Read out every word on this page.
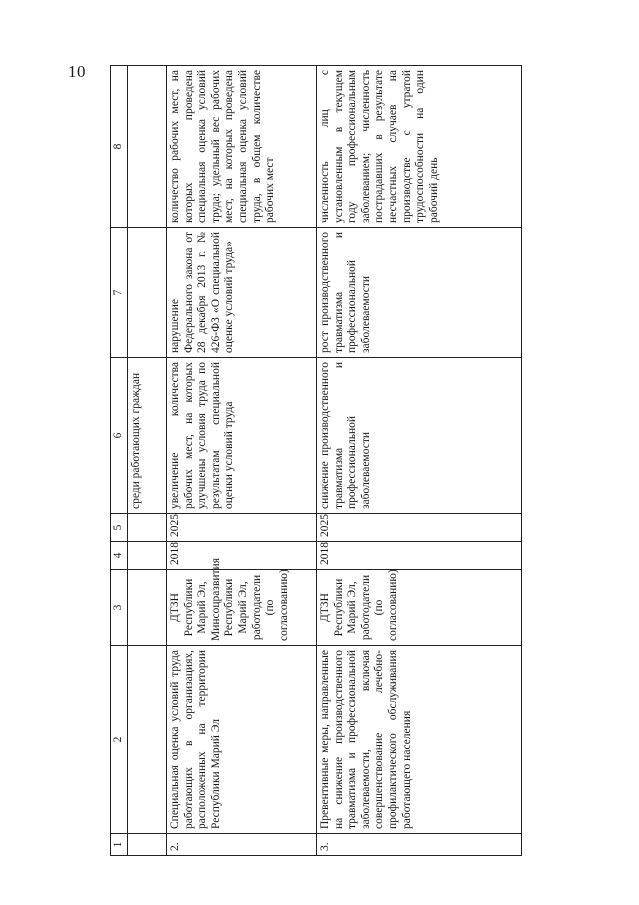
10
1	2	3	4	5	6	7	8
					среди работающих граждан		
2.	Специальная оценка условий труда работающих в организациях, расположенных на территории Республики Марий Эл	ДТЗН Республики Марий Эл, Минсоцразвития Республики Марий Эл, работодатели (по согласованию)	2018	2025	увеличение количества рабочих мест, на которых улучшены условия труда по результатам специальной оценки условий труда	нарушение Федерального закона от 28 декабря 2013 г. № 426-ФЗ «О специальной оценке условий труда»	количество рабочих мест, на которых проведена специальная оценка условий труда; удельный вес рабочих мест, на которых проведена специальная оценка условий труда, в общем количестве рабочих мест
3.	Превентивные меры, направленные на снижение производственного травматизма и профессиональной заболеваемости, включая совершенствование лечебно-профилактического обслуживания работающего населения	ДТЗН Республики Марий Эл, работодатели (по согласованию)	2018	2025	снижение производственного травматизма и профессиональной заболеваемости	рост производственного травматизма и профессиональной заболеваемости	численность лиц с установленным в текущем году профессиональным заболеванием; численность пострадавших в результате несчастных случаев на производстве с утратой трудоспособности на один рабочий день
